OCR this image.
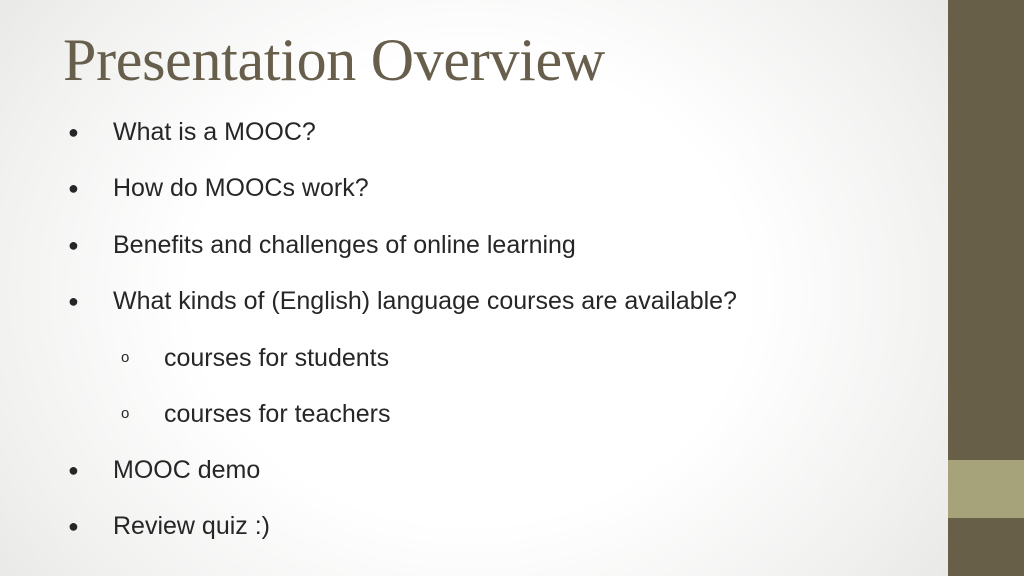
Presentation Overview
● What is a MOOC?
● How do MOOCs work?
● Benefits and challenges of online learning
● What kinds of (English) language courses are available?
o courses for students
o courses for teachers
● MOOC demo
● Review quiz :)
